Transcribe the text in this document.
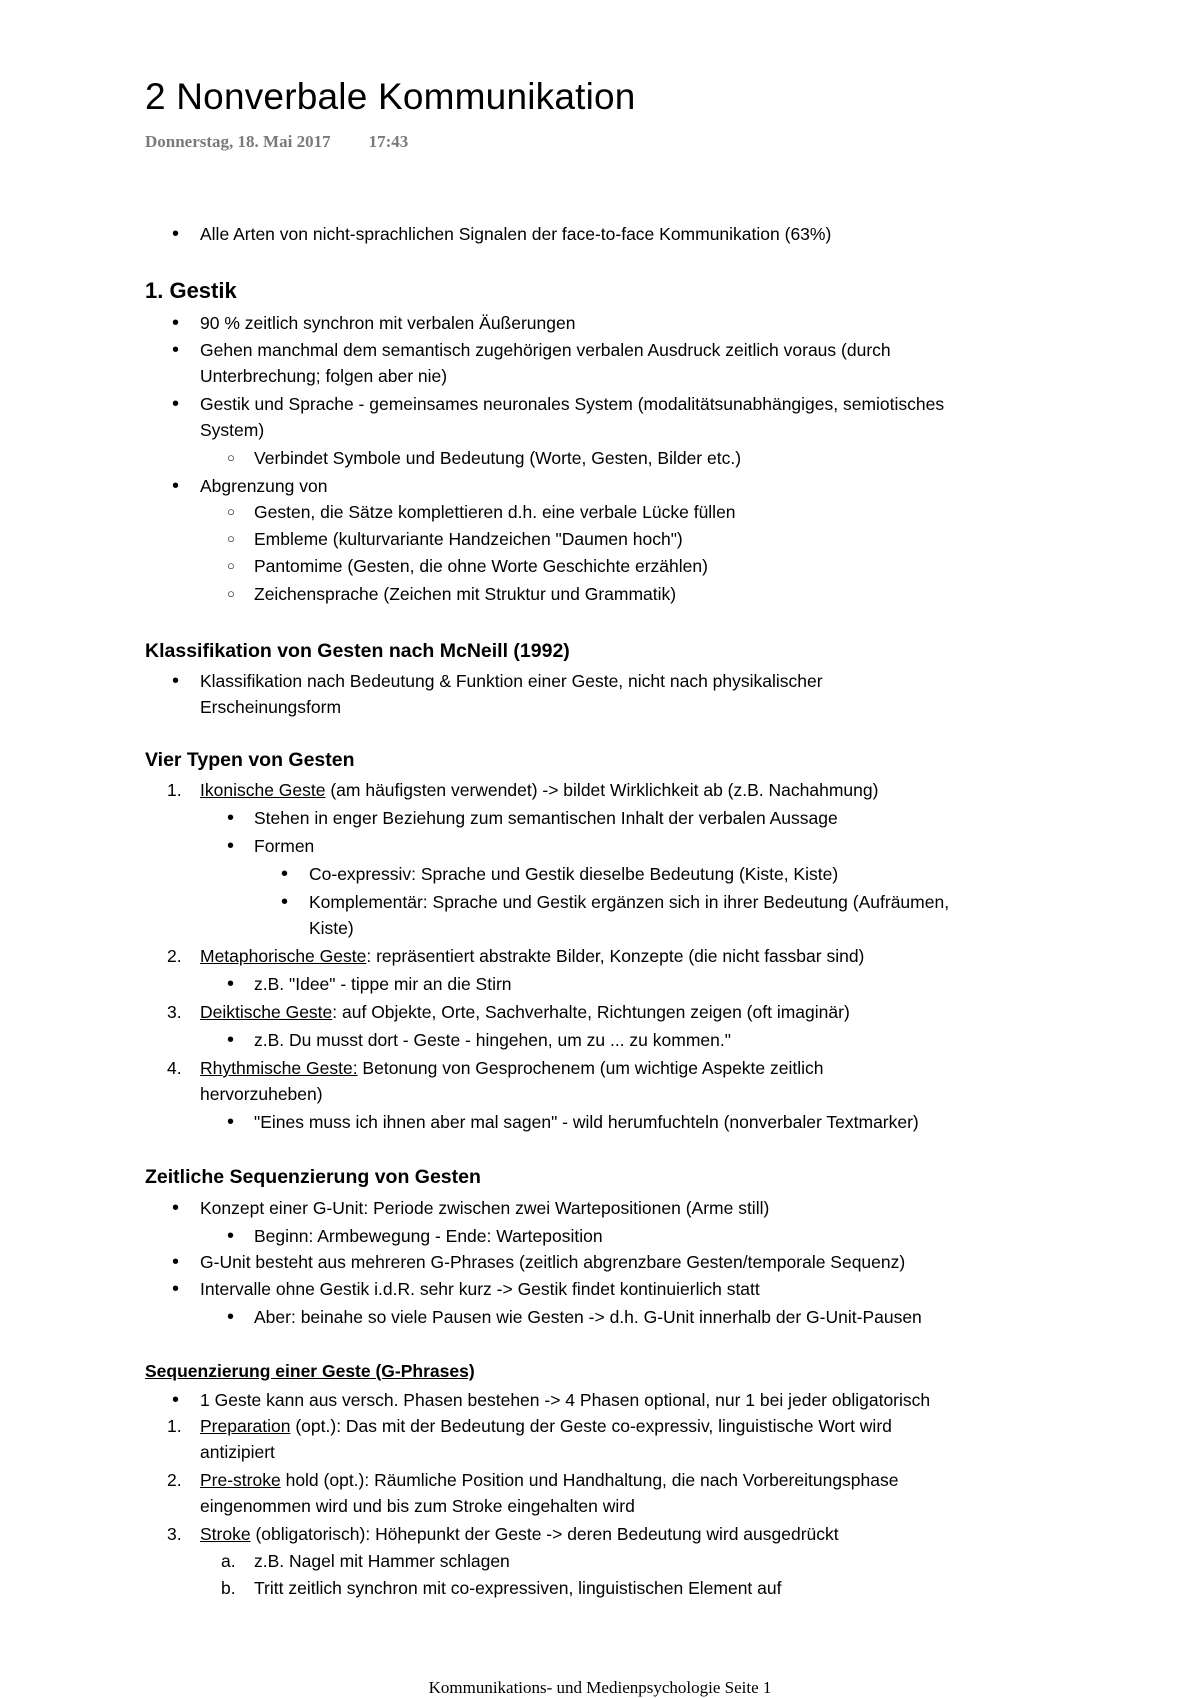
2 Nonverbale Kommunikation
Donnerstag, 18. Mai 2017 17:43
• Alle Arten von nicht-sprachlichen Signalen der face-to-face Kommunikation (63%)
1. Gestik
• 90 % zeitlich synchron mit verbalen Äußerungen
• Gehen manchmal dem semantisch zugehörigen verbalen Ausdruck zeitlich voraus (durch
Unterbrechung; folgen aber nie)
• Gestik und Sprache - gemeinsames neuronales System (modalitätsunabhängiges, semiotisches
System)
○ Verbindet Symbole und Bedeutung (Worte, Gesten, Bilder etc.)
• Abgrenzung von
○ Gesten, die Sätze komplettieren d.h. eine verbale Lücke füllen
○ Embleme (kulturvariante Handzeichen "Daumen hoch")
○ Pantomime (Gesten, die ohne Worte Geschichte erzählen)
○ Zeichensprache (Zeichen mit Struktur und Grammatik)
Klassifikation von Gesten nach McNeill (1992)
• Klassifikation nach Bedeutung & Funktion einer Geste, nicht nach physikalischer
Erscheinungsform
Vier Typen von Gesten
1. Ikonische Geste (am häufigsten verwendet) -> bildet Wirklichkeit ab (z.B. Nachahmung)
• Stehen in enger Beziehung zum semantischen Inhalt der verbalen Aussage
• Formen
• Co-expressiv: Sprache und Gestik dieselbe Bedeutung (Kiste, Kiste)
• Komplementär: Sprache und Gestik ergänzen sich in ihrer Bedeutung (Aufräumen,
Kiste)
2. Metaphorische Geste: repräsentiert abstrakte Bilder, Konzepte (die nicht fassbar sind)
• z.B. "Idee" - tippe mir an die Stirn
3. Deiktische Geste: auf Objekte, Orte, Sachverhalte, Richtungen zeigen (oft imaginär)
• z.B. Du musst dort - Geste - hingehen, um zu ... zu kommen."
4. Rhythmische Geste: Betonung von Gesprochenem (um wichtige Aspekte zeitlich
hervorzuheben)
• "Eines muss ich ihnen aber mal sagen" - wild herumfuchteln (nonverbaler Textmarker)
Zeitliche Sequenzierung von Gesten
• Konzept einer G-Unit: Periode zwischen zwei Wartepositionen (Arme still)
• Beginn: Armbewegung - Ende: Warteposition
• G-Unit besteht aus mehreren G-Phrases (zeitlich abgrenzbare Gesten/temporale Sequenz)
• Intervalle ohne Gestik i.d.R. sehr kurz -> Gestik findet kontinuierlich statt
• Aber: beinahe so viele Pausen wie Gesten -> d.h. G-Unit innerhalb der G-Unit-Pausen
Sequenzierung einer Geste (G-Phrases)
• 1 Geste kann aus versch. Phasen bestehen -> 4 Phasen optional, nur 1 bei jeder obligatorisch
1. Preparation (opt.): Das mit der Bedeutung der Geste co-expressiv, linguistische Wort wird
antizipiert
2. Pre-stroke hold (opt.): Räumliche Position und Handhaltung, die nach Vorbereitungsphase
eingenommen wird und bis zum Stroke eingehalten wird
3. Stroke (obligatorisch): Höhepunkt der Geste -> deren Bedeutung wird ausgedrückt
a. z.B. Nagel mit Hammer schlagen
b. Tritt zeitlich synchron mit co-expressiven, linguistischen Element auf
Kommunikations- und Medienpsychologie Seite 1
